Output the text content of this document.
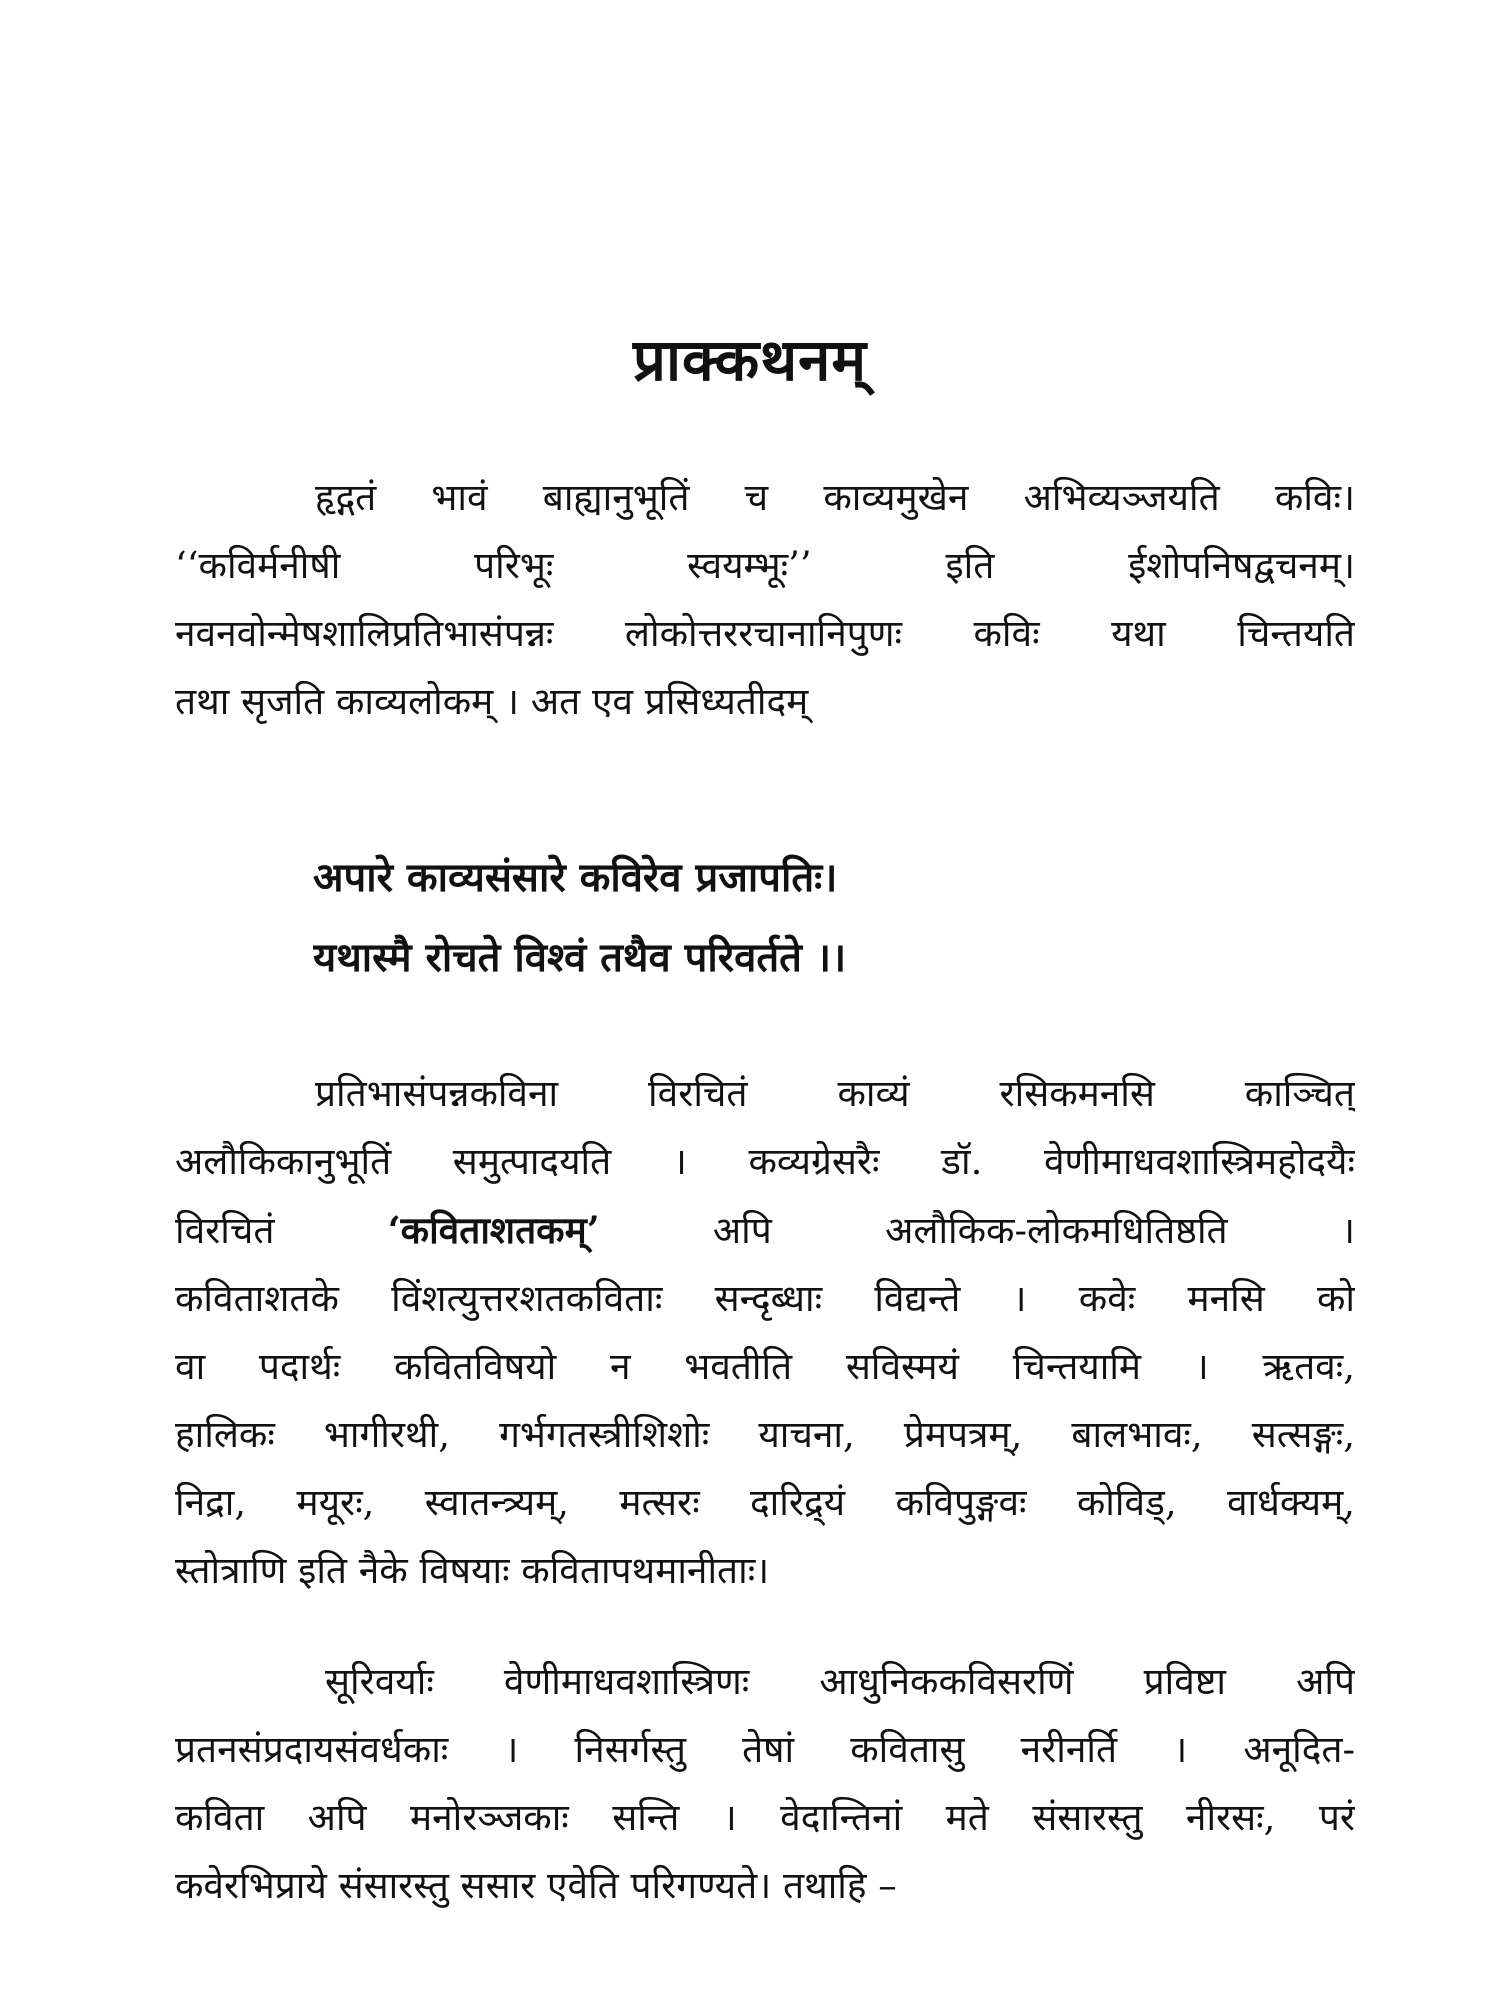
प्राक्कथनम्
हृद्गतं भावं बाह्यानुभूतिं च काव्यमुखेन अभिव्यञ्जयति कविः।
‘‘कविर्मनीषी परिभूः स्वयम्भूः’’ इति ईशोपनिषद्वचनम्।
नवनवोन्मेषशालिप्रतिभासंपन्नः लोकोत्तररचानानिपुणः कविः यथा चिन्तयति
तथा सृजति काव्यलोकम् । अत एव प्रसिध्यतीदम्
अपारे काव्यसंसारे कविरेव प्रजापतिः।
यथास्मै रोचते विश्वं तथैव परिवर्तते ।।
प्रतिभासंपन्नकविना विरचितं काव्यं रसिकमनसि काञ्चित्
अलौकिकानुभूतिं समुत्पादयति । कव्यग्रेसरैः डॉ. वेणीमाधवशास्त्रिमहोदयैः
विरचितं ‘कविताशतकम्’ अपि अलौकिक-लोकमधितिष्ठति ।
कविताशतके विंशत्युत्तरशतकविताः सन्दृब्धाः विद्यन्ते । कवेः मनसि को
वा पदार्थः कवितविषयो न भवतीति सविस्मयं चिन्तयामि । ऋतवः,
हालिकः भागीरथी, गर्भगतस्त्रीशिशोः याचना, प्रेमपत्रम्, बालभावः, सत्सङ्गः,
निद्रा, मयूरः, स्वातन्त्र्यम्, मत्सरः दारिद्र्यं कविपुङ्गवः कोविड्, वार्धक्यम्,
स्तोत्राणि इति नैके विषयाः कवितापथमानीताः।
सूरिवर्याः वेणीमाधवशास्त्रिणः आधुनिककविसरणिं प्रविष्टा अपि
प्रतनसंप्रदायसंवर्धकाः । निसर्गस्तु तेषां कवितासु नरीनर्ति । अनूदित-
कविता अपि मनोरञ्जकाः सन्ति । वेदान्तिनां मते संसारस्तु नीरसः, परं
कवेरभिप्राये संसारस्तु ससार एवेति परिगण्यते। तथाहि –
